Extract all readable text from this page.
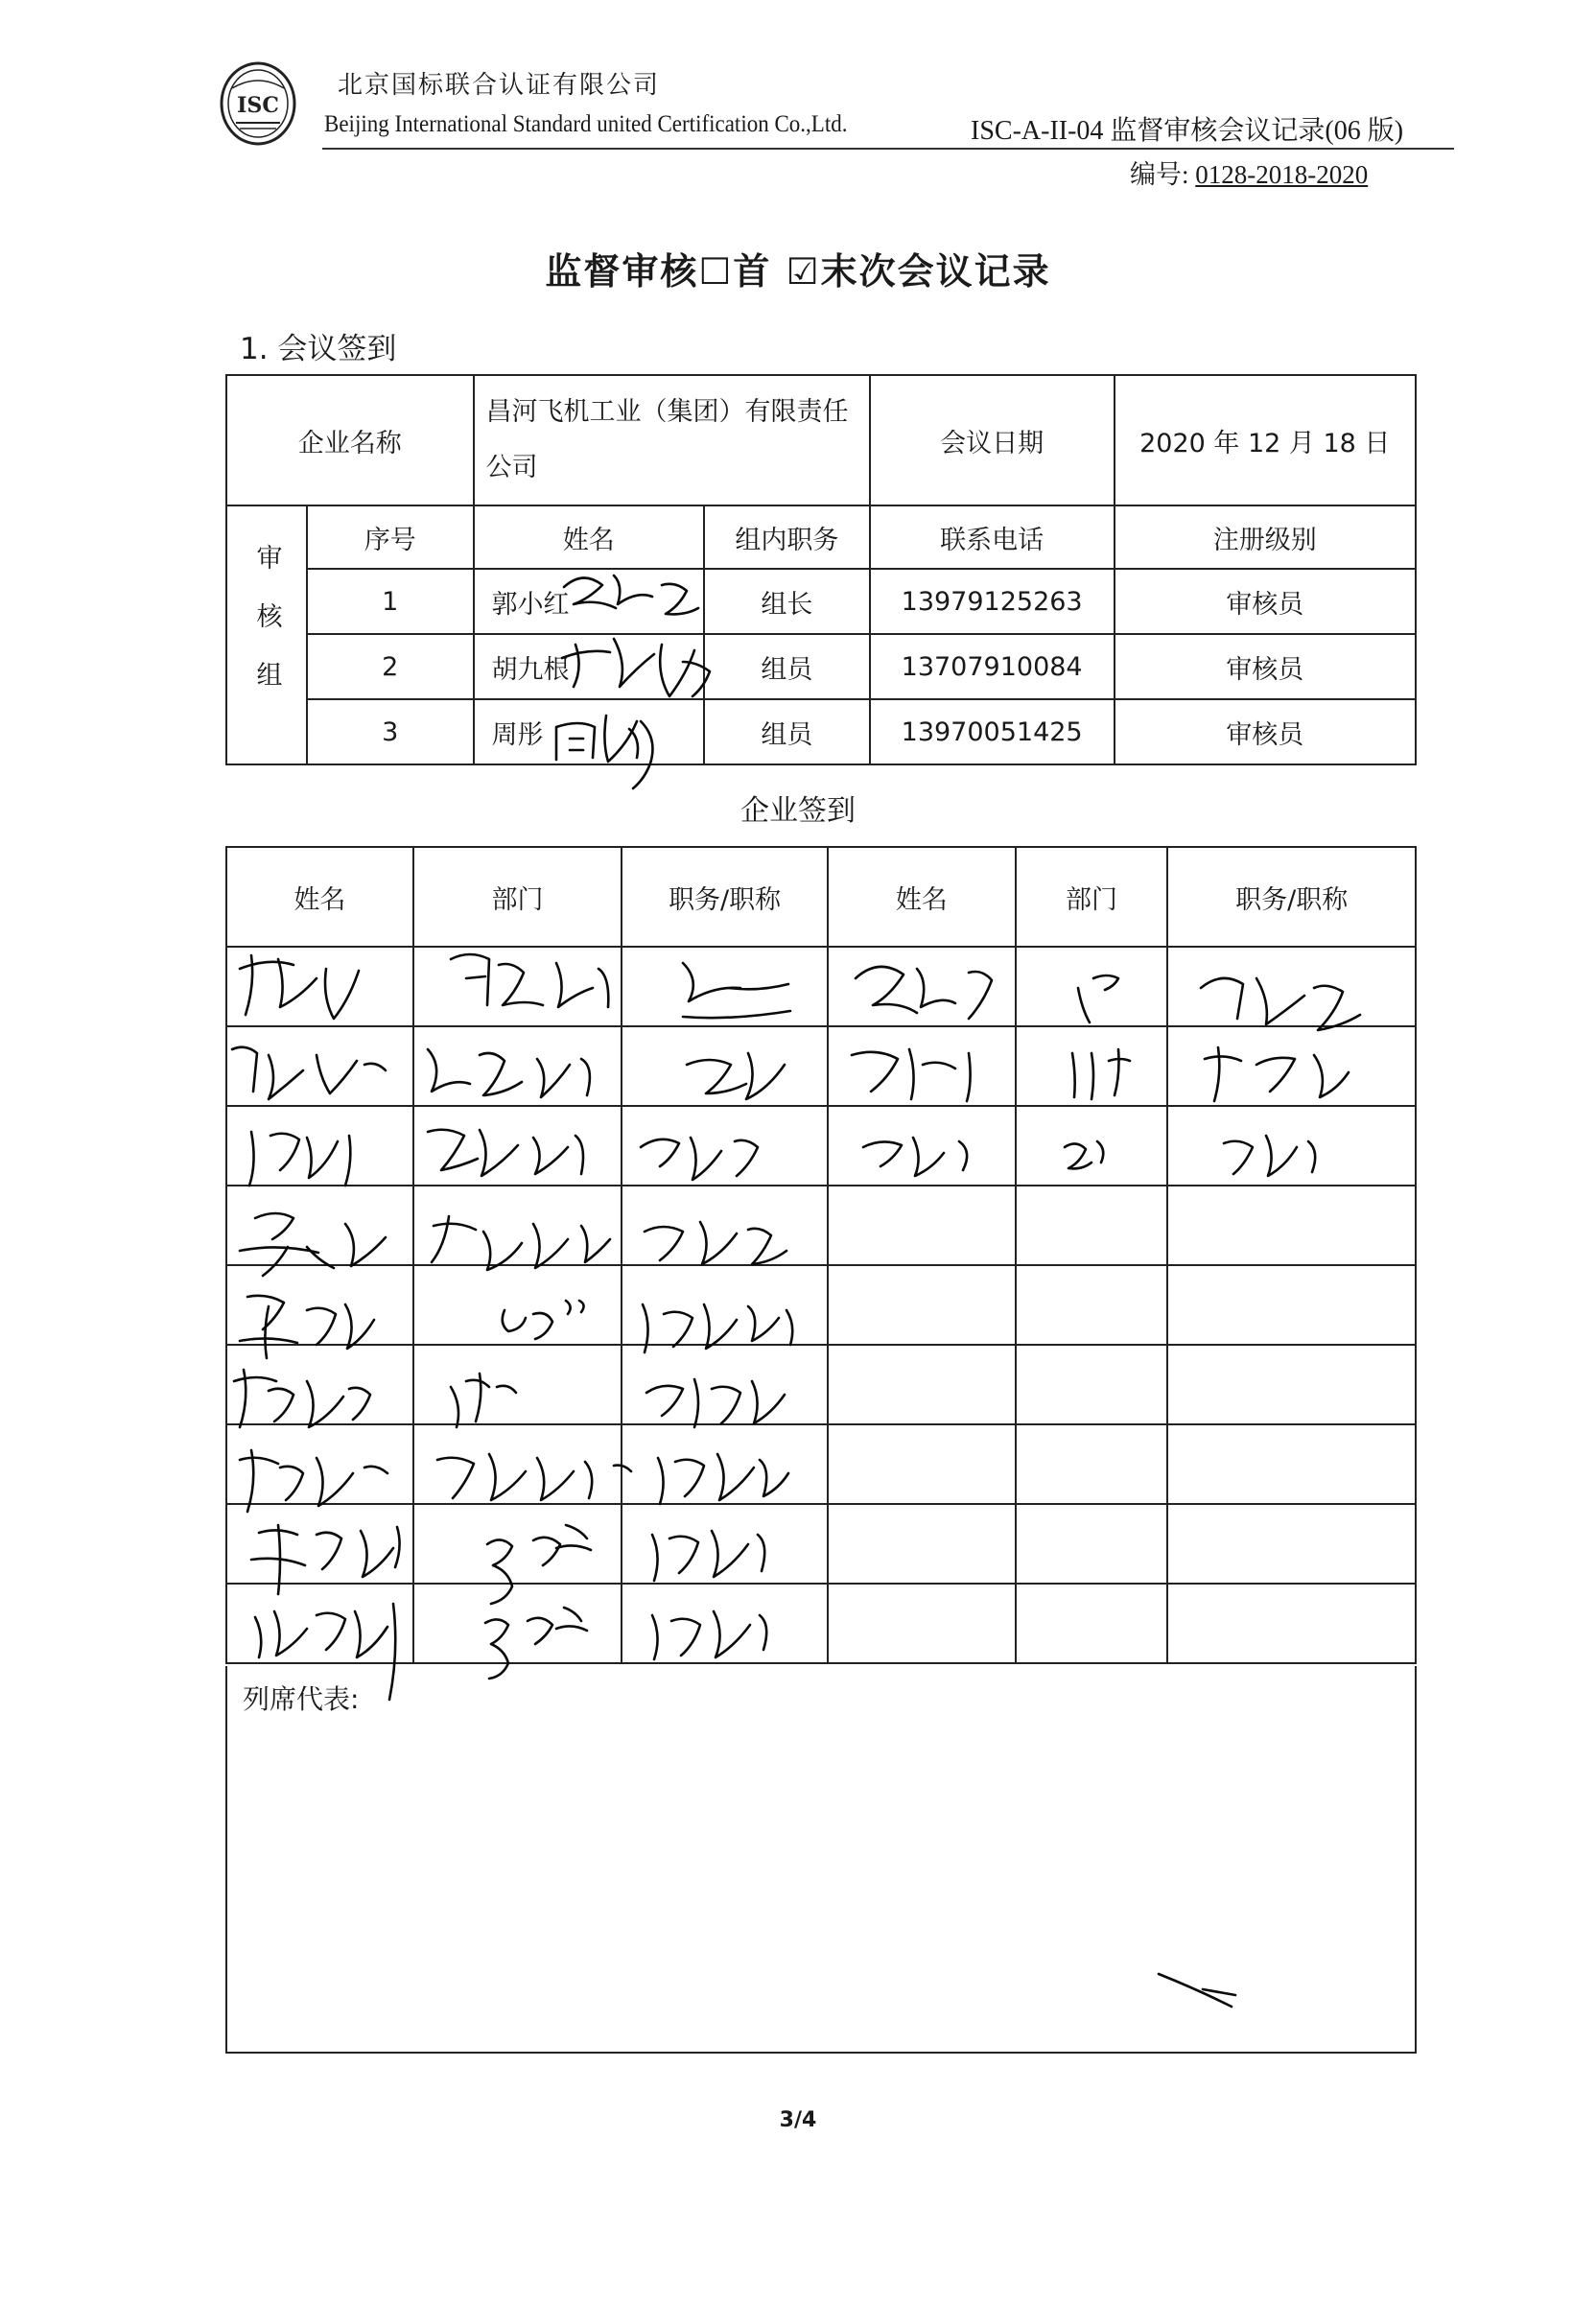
ISC
北京国标联合认证有限公司
Beijing International Standard united Certification Co.,Ltd.	ISC-A-II-04 监督审核会议记录(06 版)
编号: 0128-2018-2020
监督审核☐首 ☑末次会议记录
1. 会议签到
企业名称		昌河飞机工业（集团）有限责任公司		会议日期	2020 年 12 月 18 日
审核组	序号	姓名	组内职务	联系电话	注册级别
	1	郭小红	组长	13979125263	审核员
	2	胡九根	组员	13707910084	审核员
	3	周彤	组员	13970051425	审核员
企业签到
姓名	部门	职务/职称	姓名	部门	职务/职称

列席代表:
3/4
